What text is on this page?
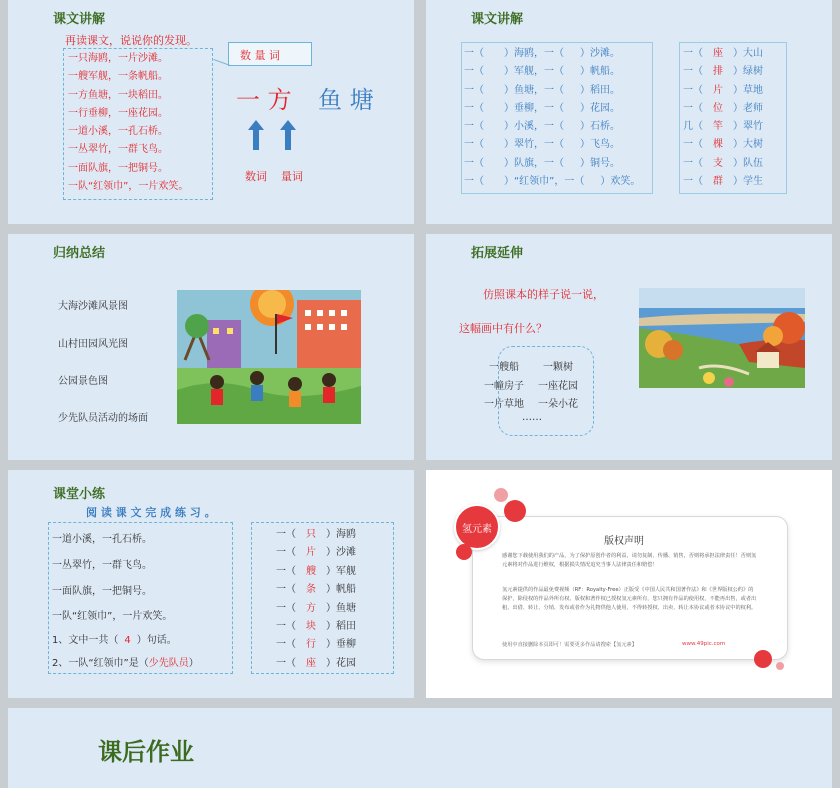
课文讲解
再读课文，说说你的发现。
一只海鸥，一片沙滩。
一艘军舰，一条帆船。
一方鱼塘，一块稻田。
一行垂柳，一座花园。
一道小溪，一孔石桥。
一丛翠竹，一群飞鸟。
一面队旗，一把铜号。
一队“红领巾”，一片欢笑。
数 量 词
一 方 鱼 塘
数词 量词
课文讲解
一（ ）海鸥，一（ ）沙滩。
一（ ）军舰，一（ ）帆船。
一（ ）鱼塘，一（ ）稻田。
一（ ）垂柳，一（ ）花园。
一（ ）小溪，一（ ）石桥。
一（ ）翠竹，一（ ）飞鸟。
一（ ）队旗，一（ ）铜号。
一（ ）“红领巾”，一（ ）欢笑。
一（ 座 ）大山
一（ 排 ）绿树
一（ 片 ）草地
一（ 位 ）老师
几（ 竿 ）翠竹
一（ 棵 ）大树
一（ 支 ）队伍
一（ 群 ）学生
归纳总结
大海沙滩风景图
山村田园风光图
公园景色图
少先队员活动的场面
拓展延伸
仿照课本的样子说一说，
这幅画中有什么？
一艘船 一颗树
一幢房子 一座花园
一片草地 一朵小花
……
课堂小练
阅 读 课 文 完 成 练 习 。
一道小溪，一孔石桥。
一丛翠竹，一群飞鸟。
一面队旗，一把铜号。
一队“红领巾”，一片欢笑。
1、文中一共（ 4 ）句话。
2、一队“红领巾”是（少先队员）
一（ 只 ）海鸥
一（ 片 ）沙滩
一（ 艘 ）军舰
一（ 条 ）帆船
一（ 方 ）鱼塘
一（ 块 ）稻田
一（ 行 ）垂柳
一（ 座 ）花园
氢元素
版权声明
感谢您下载使用我们的产品，为了保护原创作者的利益，请勿复制、传播、销售，否则将承担法律责任！否则氢元素将对作品进行维权，根据损失情况追究当事人法律责任和赔偿！
氢元素提供的作品最免费视频（RF：Royalty-Free）正版受《中国人民共和国著作法》和《世界版权公约》的保护，除侵权的作品外所有权、版权和著作权已授权氢元素所有，您只拥有作品的使用权，不能再出售，或者出租、出借、转让、分销、发布或者作为礼物供他人使用，不得转授权、出卖、转让本协议或者本协议中的权利。
使用中直接删除本页即可！需要更多作品请搜索【氢元素】	www.49pic.com
课后作业
